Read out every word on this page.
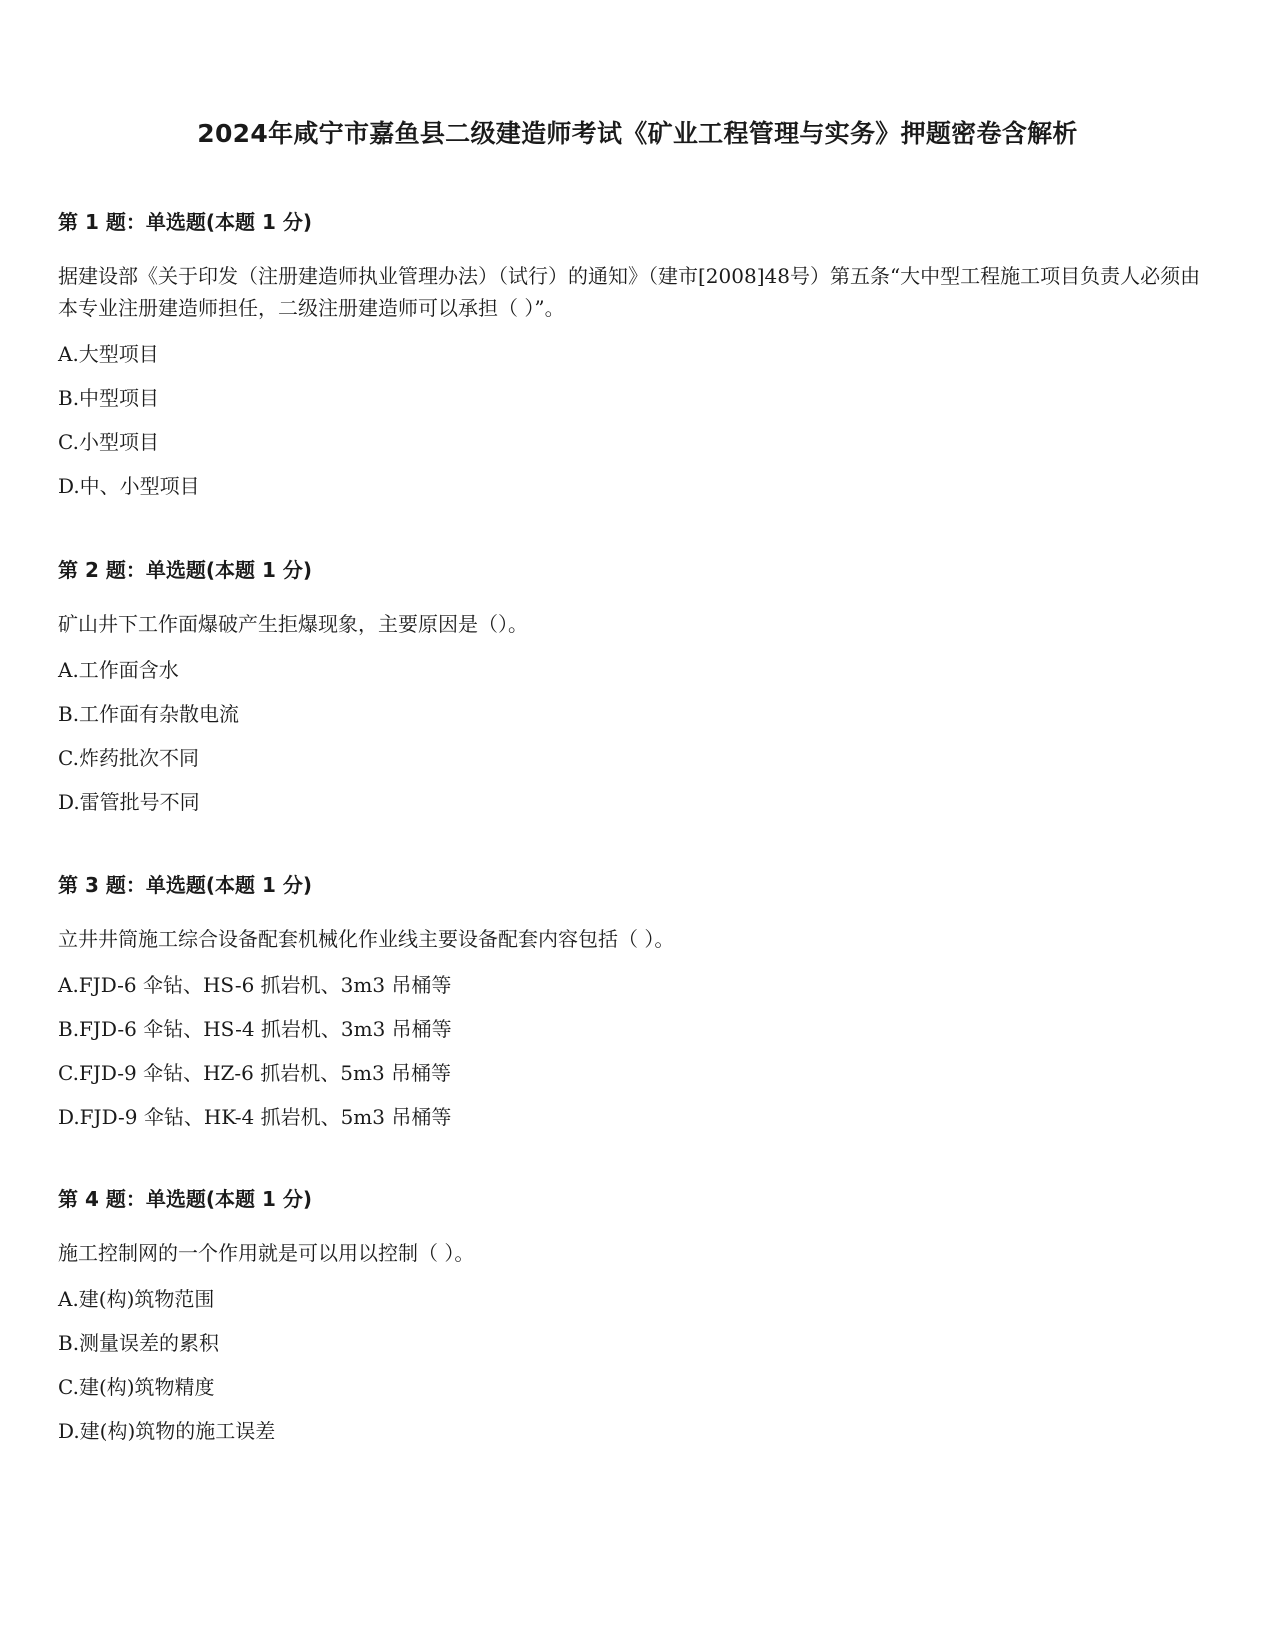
2024年咸宁市嘉鱼县二级建造师考试《矿业工程管理与实务》押题密卷含解析

第 1 题：单选题(本题 1 分)

据建设部《关于印发（注册建造师执业管理办法）（试行）的通知》（建市[2008]48号）第五条“大中型工程施工项目负责人必须由本专业注册建造师担任，二级注册建造师可以承担（ ）”。

A.大型项目

B.中型项目

C.小型项目

D.中、小型项目

第 2 题：单选题(本题 1 分)

矿山井下工作面爆破产生拒爆现象，主要原因是（）。

A.工作面含水

B.工作面有杂散电流

C.炸药批次不同

D.雷管批号不同

第 3 题：单选题(本题 1 分)

立井井筒施工综合设备配套机械化作业线主要设备配套内容包括（ ）。

A.FJD-6 伞钻、HS-6 抓岩机、3m3 吊桶等

B.FJD-6 伞钻、HS-4 抓岩机、3m3 吊桶等

C.FJD-9 伞钻、HZ-6 抓岩机、5m3 吊桶等

D.FJD-9 伞钻、HK-4 抓岩机、5m3 吊桶等

第 4 题：单选题(本题 1 分)

施工控制网的一个作用就是可以用以控制（ ）。

A.建(构)筑物范围

B.测量误差的累积

C.建(构)筑物精度

D.建(构)筑物的施工误差
